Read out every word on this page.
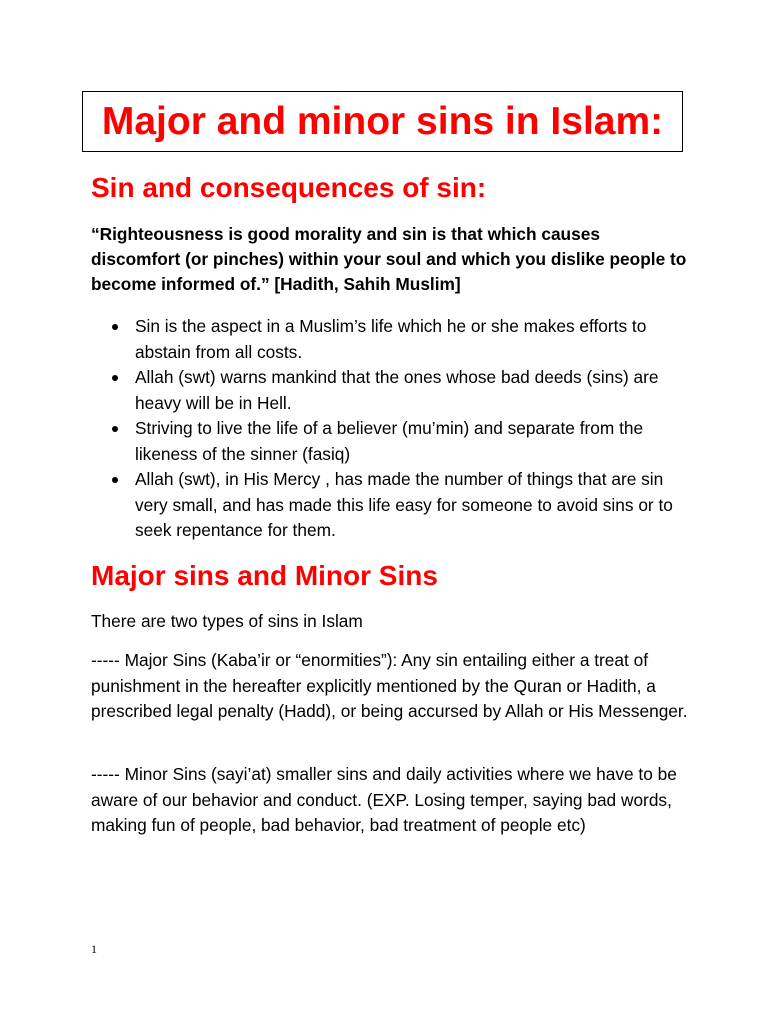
Major and minor sins in Islam:
Sin and consequences of sin:

“Righteousness is good morality and sin is that which causes discomfort (or pinches) within your soul and which you dislike people to become informed of.” [Hadith, Sahih Muslim]

Sin is the aspect in a Muslim’s life which he or she makes efforts to abstain from all costs.
Allah (swt) warns mankind that the ones whose bad deeds (sins) are heavy will be in Hell.
Striving to live the life of a believer (mu’min) and separate from the likeness of the sinner (fasiq)
Allah (swt), in His Mercy , has made the number of things that are sin very small, and has made this life easy for someone to avoid sins or to seek repentance for them.
Major sins and Minor Sins

There are two types of sins in Islam

----- Major Sins (Kaba’ir or “enormities”): Any sin entailing either a treat of punishment in the hereafter explicitly mentioned by the Quran or Hadith, a prescribed legal penalty (Hadd), or being accursed by Allah or His Messenger.

----- Minor Sins (sayi’at) smaller sins and daily activities where we have to be aware of our behavior and conduct. (EXP. Losing temper, saying bad words, making fun of people, bad behavior, bad treatment of people etc)

1
